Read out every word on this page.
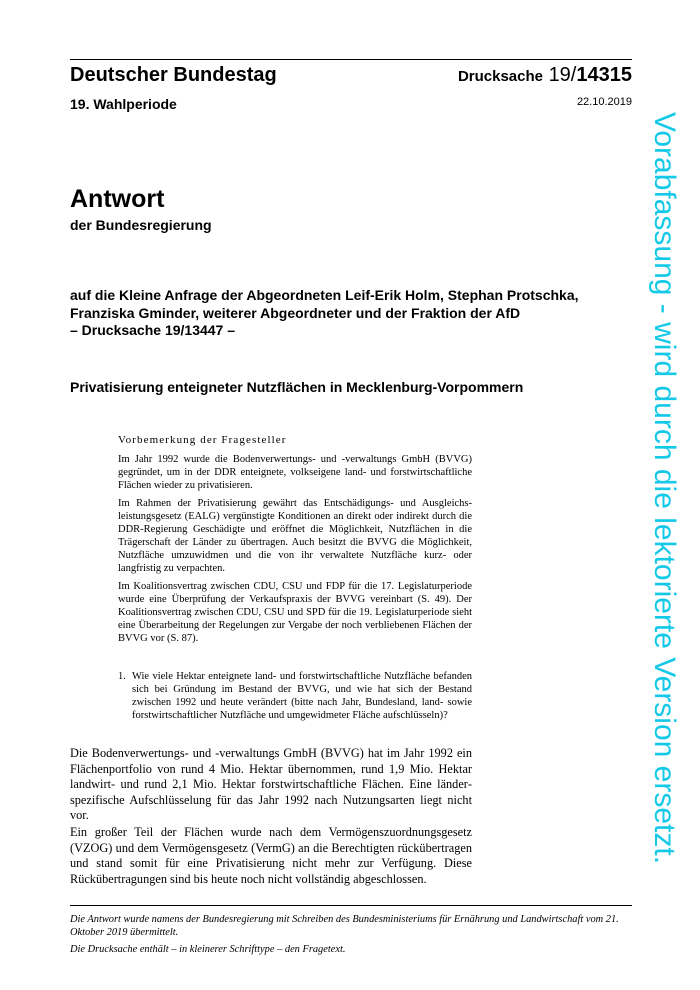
Deutscher Bundestag	Drucksache 19/14315
19. Wahlperiode	22.10.2019
Antwort
der Bundesregierung
auf die Kleine Anfrage der Abgeordneten Leif-Erik Holm, Stephan Protschka,
Franziska Gminder, weiterer Abgeordneter und der Fraktion der AfD
– Drucksache 19/13447 –
Privatisierung enteigneter Nutzflächen in Mecklenburg-Vorpommern
Vorbemerkung der Fragesteller

Im Jahr 1992 wurde die Bodenverwertungs- und -verwaltungs GmbH (BVVG) gegründet, um in der DDR enteignete, volkseigene land- und forstwirtschaftliche Flächen wieder zu privatisieren.

Im Rahmen der Privatisierung gewährt das Entschädigungs- und Ausgleichsleistungsgesetz (EALG) vergünstigte Konditionen an direkt oder indirekt durch die DDR-Regierung Geschädigte und eröffnet die Möglichkeit, Nutzflächen in die Trägerschaft der Länder zu übertragen. Auch besitzt die BVVG die Möglichkeit, Nutzfläche umzuwidmen und die von ihr verwaltete Nutzfläche kurz- oder langfristig zu verpachten.

Im Koalitionsvertrag zwischen CDU, CSU und FDP für die 17. Legislaturperiode wurde eine Überprüfung der Verkaufspraxis der BVVG vereinbart (S. 49). Der Koalitionsvertrag zwischen CDU, CSU und SPD für die 19. Legislaturperiode sieht eine Überarbeitung der Regelungen zur Vergabe der noch verbliebenen Flächen der BVVG vor (S. 87).

1. Wie viele Hektar enteignete land- und forstwirtschaftliche Nutzfläche befanden sich bei Gründung im Bestand der BVVG, und wie hat sich der Bestand zwischen 1992 und heute verändert (bitte nach Jahr, Bundesland, land- sowie forstwirtschaftlicher Nutzfläche und umgewidmeter Fläche aufschlüsseln)?

Die Bodenverwertungs- und -verwaltungs GmbH (BVVG) hat im Jahr 1992 ein Flächenportfolio von rund 4 Mio. Hektar übernommen, rund 1,9 Mio. Hektar landwirt- und rund 2,1 Mio. Hektar forstwirtschaftliche Flächen. Eine länderspezifische Aufschlüsselung für das Jahr 1992 nach Nutzungsarten liegt nicht vor.

Ein großer Teil der Flächen wurde nach dem Vermögenszuordnungsgesetz (VZOG) und dem Vermögensgesetz (VermG) an die Berechtigten rückübertragen und stand somit für eine Privatisierung nicht mehr zur Verfügung. Diese Rückübertragungen sind bis heute noch nicht vollständig abgeschlossen.

Die Antwort wurde namens der Bundesregierung mit Schreiben des Bundesministeriums für Ernährung und Landwirtschaft vom 21. Oktober 2019 übermittelt.
Die Drucksache enthält – in kleinerer Schrifttype – den Fragetext.
Vorabfassung - wird durch die lektorierte Version ersetzt.
